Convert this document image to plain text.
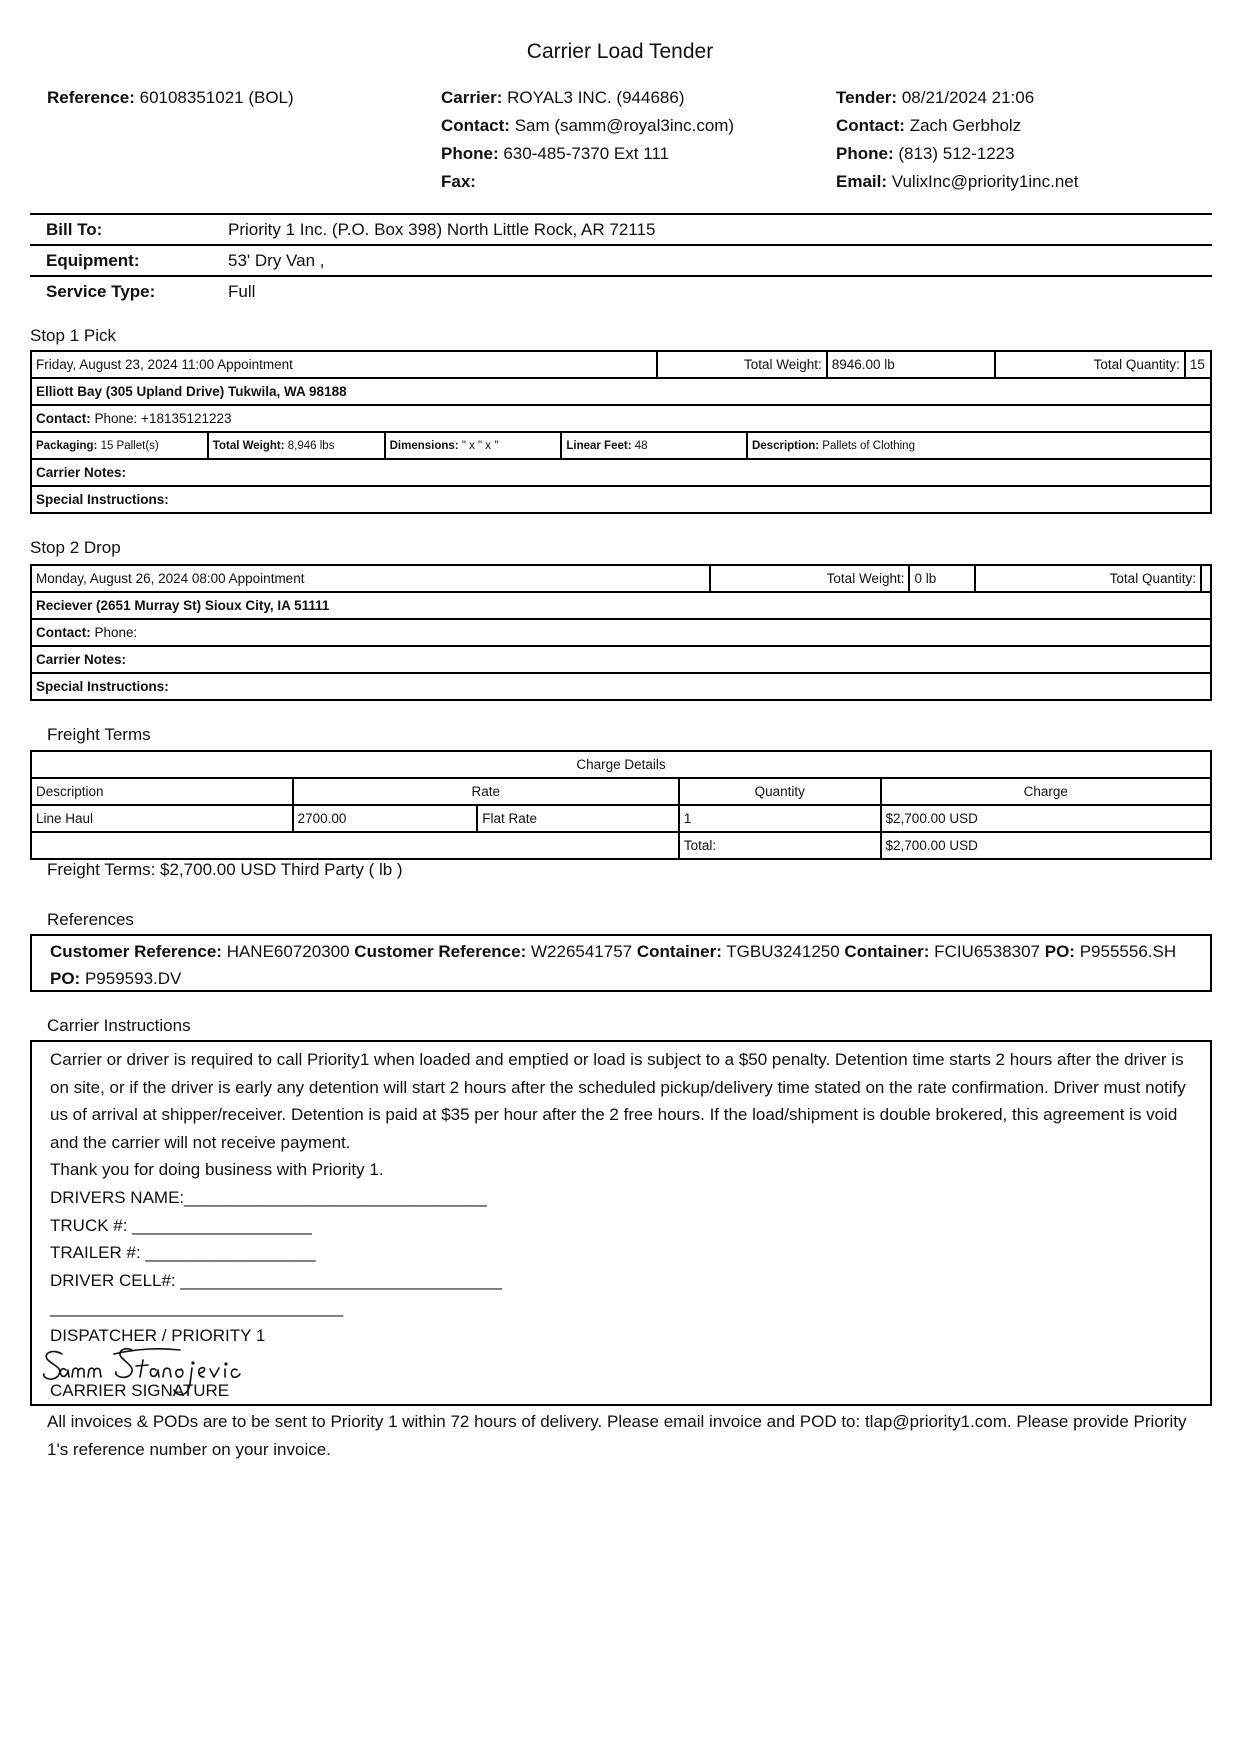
Carrier Load Tender
Reference: 60108351021 (BOL)	Carrier: ROYAL3 INC. (944686)
Contact: Sam (samm@royal3inc.com)
Phone: 630-485-7370 Ext 111
Fax:
Tender: 08/21/2024 21:06
Contact: Zach Gerbholz
Phone: (813) 512-1223
Email: VulixInc@priority1inc.net
Bill To:	Priority 1 Inc. (P.O. Box 398) North Little Rock, AR 72115
Equipment:	53' Dry Van ,
Service Type:	Full
Stop 1 Pick
Friday, August 23, 2024 11:00 Appointment				Total Weight:		8946.00 lb	Total Quantity:	15
Elliott Bay (305 Upland Drive) Tukwila, WA 98188								
Contact: Phone: +18135121223								
Packaging: 15 Pallet(s)	Total Weight: 8,946 lbs	Dimensions: " x " x "	Linear Feet: 48		Description: Pallets of Clothing			
Carrier Notes:								
Special Instructions:								
Stop 2 Drop
Monday, August 26, 2024 08:00 Appointment	Total Weight:	0 lb	Total Quantity:	
Reciever (2651 Murray St) Sioux City, IA 51111
Contact: Phone:
Carrier Notes:
Special Instructions:
Freight Terms
Charge Details				
Description	Rate		Quantity	Charge
Line Haul	2700.00	Flat Rate	1	$2,700.00 USD
			Total:	$2,700.00 USD
Freight Terms: $2,700.00 USD Third Party ( lb )
References
Customer Reference: HANE60720300 Customer Reference: W226541757 Container: TGBU3241250 Container: FCIU6538307 PO: P955556.SH PO: P959593.DV
Carrier Instructions
Carrier or driver is required to call Priority1 when loaded and emptied or load is subject to a $50 penalty. Detention time starts 2 hours after the driver is on site, or if the driver is early any detention will start 2 hours after the scheduled pickup/delivery time stated on the rate confirmation. Driver must notify us of arrival at shipper/receiver. Detention is paid at $35 per hour after the 2 free hours. If the load/shipment is double brokered, this agreement is void and the carrier will not receive payment.
Thank you for doing business with Priority 1.
DRIVERS NAME:________________________________
TRUCK #: ___________________
TRAILER #: __________________
DRIVER CELL#: __________________________________
_______________________________
DISPATCHER / PRIORITY 1
CARRIER SIGNATURE
All invoices & PODs are to be sent to Priority 1 within 72 hours of delivery. Please email invoice and POD to: tlap@priority1.com. Please provide Priority 1's reference number on your invoice.
